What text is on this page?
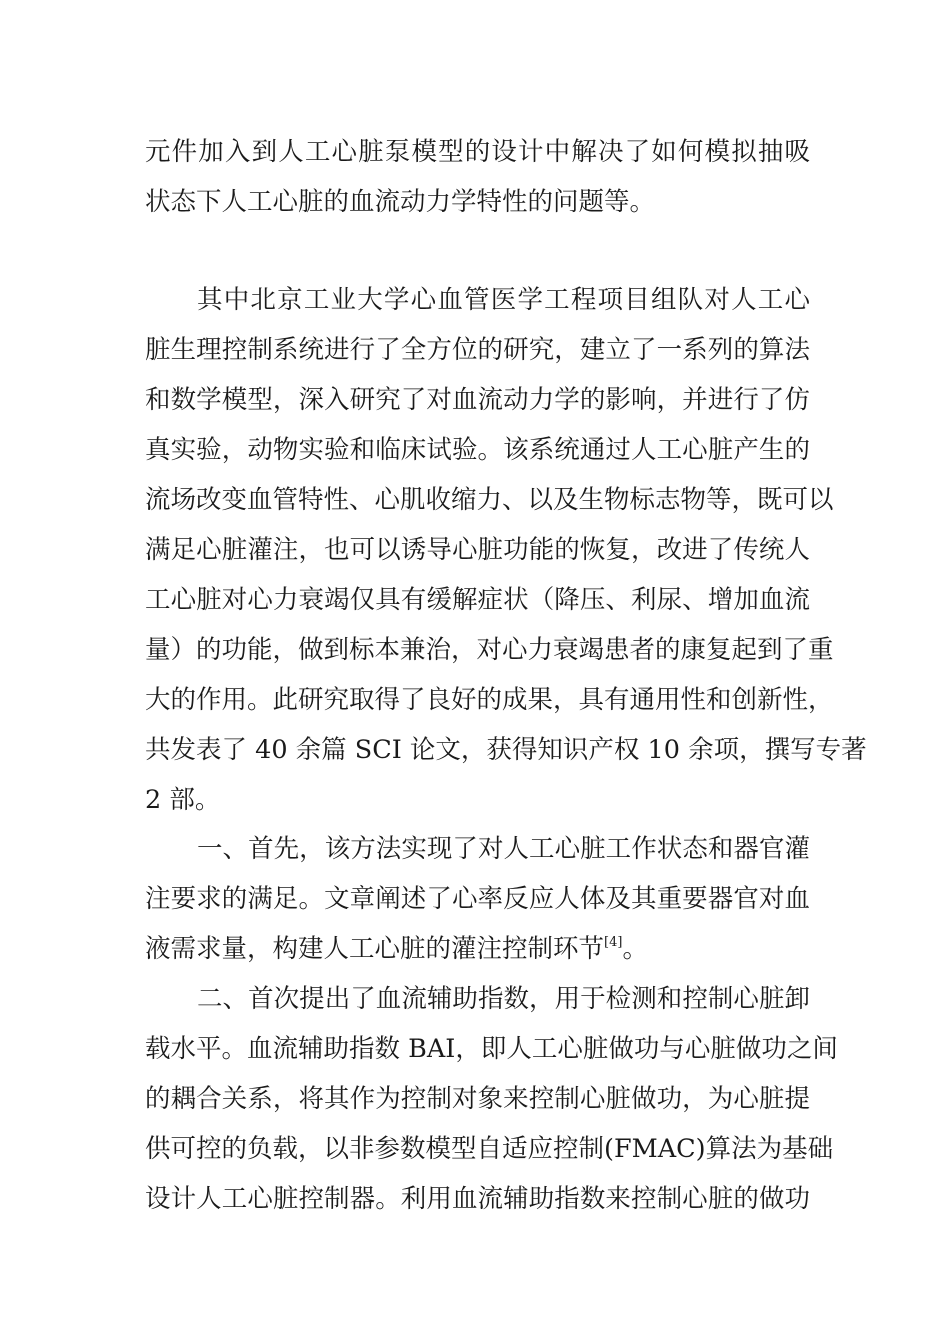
元件加入到人工心脏泵模型的设计中解决了如何模拟抽吸
状态下人工心脏的血流动力学特性的问题等。
其中北京工业大学心血管医学工程项目组队对人工心
脏生理控制系统进行了全方位的研究，建立了一系列的算法
和数学模型，深入研究了对血流动力学的影响，并进行了仿
真实验，动物实验和临床试验。该系统通过人工心脏产生的
流场改变血管特性、心肌收缩力、以及生物标志物等，既可以
满足心脏灌注，也可以诱导心脏功能的恢复，改进了传统人
工心脏对心力衰竭仅具有缓解症状（降压、利尿、增加血流
量）的功能，做到标本兼治，对心力衰竭患者的康复起到了重
大的作用。此研究取得了良好的成果，具有通用性和创新性，
共发表了 40 余篇 SCI 论文，获得知识产权 10 余项，撰写专著
2 部。
一、首先，该方法实现了对人工心脏工作状态和器官灌
注要求的满足。文章阐述了心率反应人体及其重要器官对血
液需求量，构建人工心脏的灌注控制环节[4]。
二、首次提出了血流辅助指数，用于检测和控制心脏卸
载水平。血流辅助指数 BAI，即人工心脏做功与心脏做功之间
的耦合关系，将其作为控制对象来控制心脏做功，为心脏提
供可控的负载，以非参数模型自适应控制(FMAC)算法为基础
设计人工心脏控制器。利用血流辅助指数来控制心脏的做功
